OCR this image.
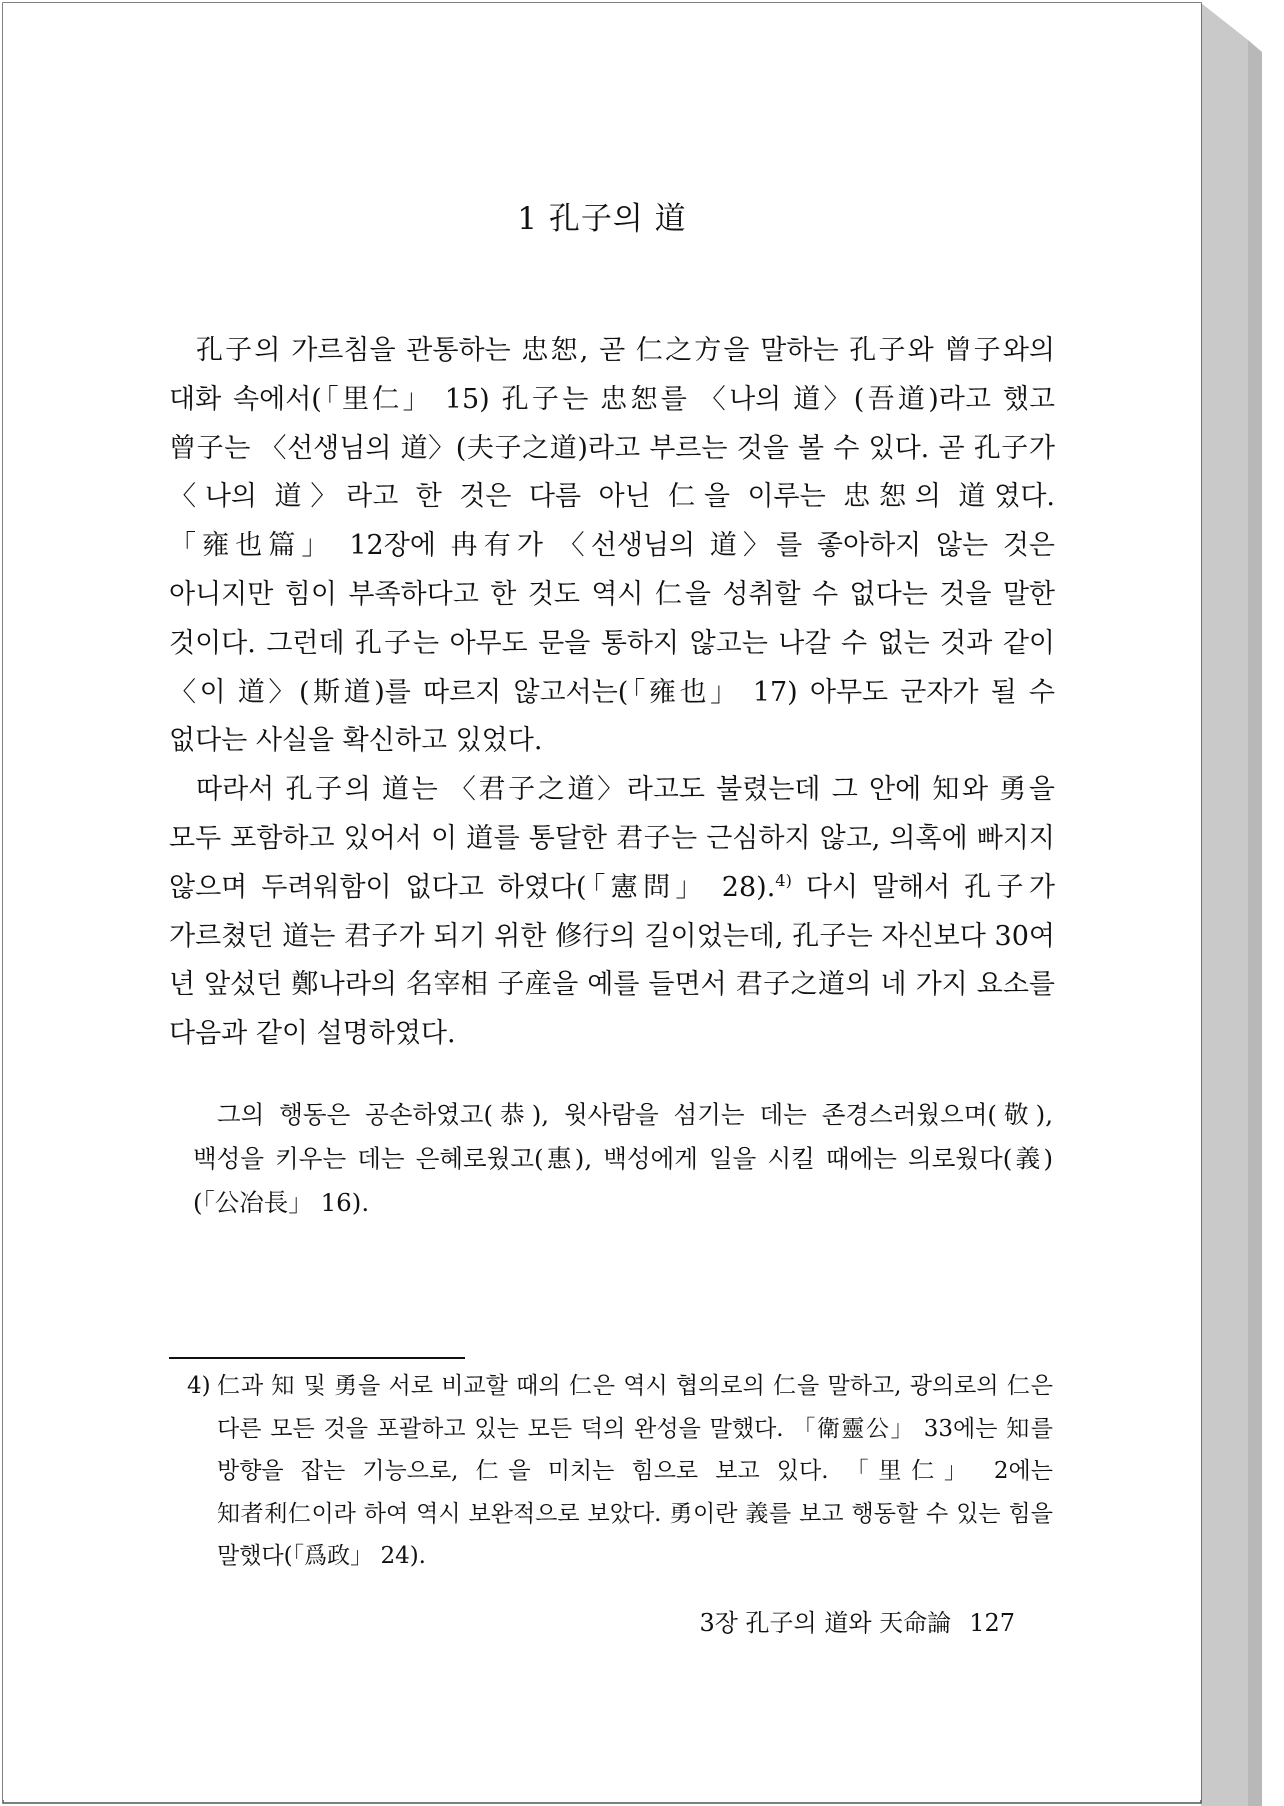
1 孔子의 道

孔子의 가르침을 관통하는 忠恕, 곧 仁之方을 말하는 孔子와 曾子와의 대화 속에서(「里仁」 15) 孔子는 忠恕를 〈나의 道〉(吾道)라고 했고 曾子는 〈선생님의 道〉(夫子之道)라고 부르는 것을 볼 수 있다. 곧 孔子가 〈나의 道〉라고 한 것은 다름 아닌 仁을 이루는 忠恕의 道였다. 「雍也篇」 12장에 冉有가 〈선생님의 道〉를 좋아하지 않는 것은 아니지만 힘이 부족하다고 한 것도 역시 仁을 성취할 수 없다는 것을 말한 것이다. 그런데 孔子는 아무도 문을 통하지 않고는 나갈 수 없는 것과 같이 〈이 道〉(斯道)를 따르지 않고서는(「雍也」 17) 아무도 군자가 될 수 없다는 사실을 확신하고 있었다.

따라서 孔子의 道는 〈君子之道〉라고도 불렸는데 그 안에 知와 勇을 모두 포함하고 있어서 이 道를 통달한 君子는 근심하지 않고, 의혹에 빠지지 않으며 두려워함이 없다고 하였다(「憲問」 28).$^{4)}$ 다시 말해서 孔子가 가르쳤던 道는 君子가 되기 위한 修行의 길이었는데, 孔子는 자신보다 30여 년 앞섰던 鄭나라의 名宰相 子産을 예를 들면서 君子之道의 네 가지 요소를 다음과 같이 설명하였다.

그의 행동은 공손하였고(恭), 윗사람을 섬기는 데는 존경스러웠으며(敬), 백성을 키우는 데는 은혜로웠고(惠), 백성에게 일을 시킬 때에는 의로웠다(義)(「公冶長」 16).

4) 仁과 知 및 勇을 서로 비교할 때의 仁은 역시 협의로의 仁을 말하고, 광의로의 仁은 다른 모든 것을 포괄하고 있는 모든 덕의 완성을 말했다. 「衛靈公」 33에는 知를 방향을 잡는 기능으로, 仁을 미치는 힘으로 보고 있다. 「里仁」 2에는 知者利仁이라 하여 역시 보완적으로 보았다. 勇이란 義를 보고 행동할 수 있는 힘을 말했다(「爲政」 24).
3장 孔子의 道와 天命論 127
